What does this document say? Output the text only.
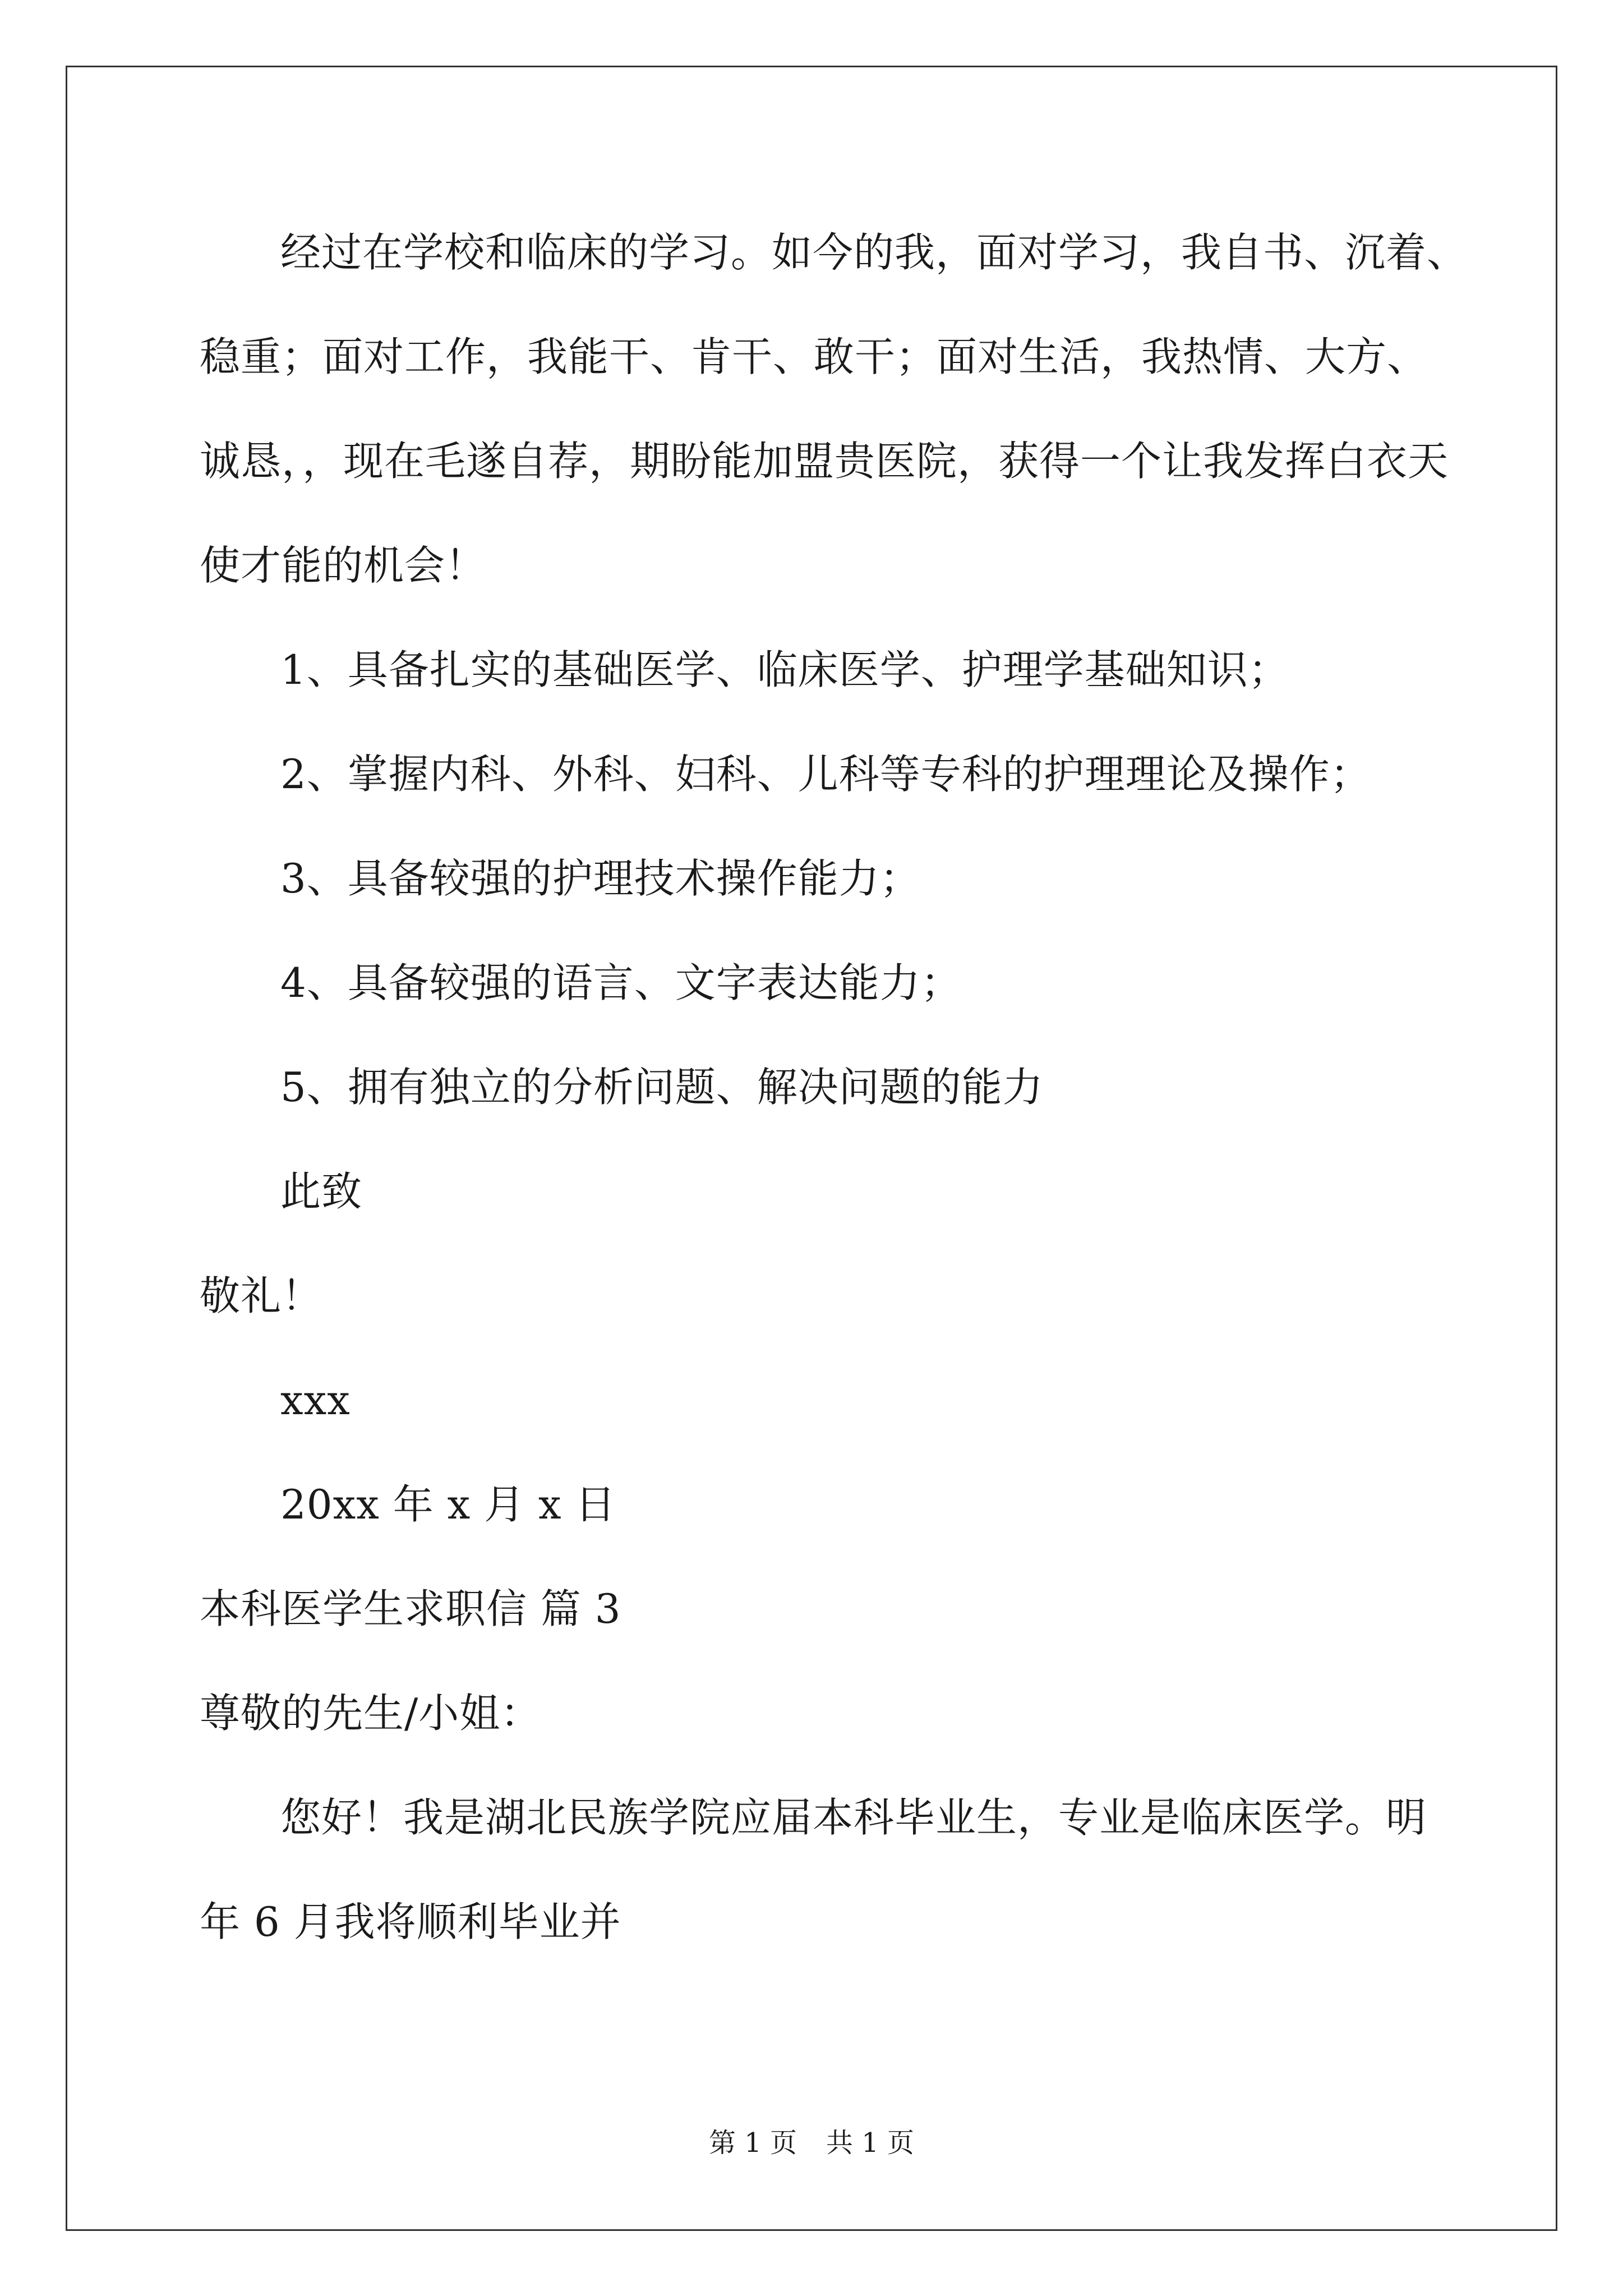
经过在学校和临床的学习。如今的我，面对学习，我自书、沉着、
稳重；面对工作，我能干、肯干、敢干；面对生活，我热情、大方、
诚恳，，现在毛遂自荐，期盼能加盟贵医院，获得一个让我发挥白衣天
使才能的机会！
1、具备扎实的基础医学、临床医学、护理学基础知识；
2、掌握内科、外科、妇科、儿科等专科的护理理论及操作；
3、具备较强的护理技术操作能力；
4、具备较强的语言、文字表达能力；
5、拥有独立的分析问题、解决问题的能力
此致
敬礼！
xxx
20xx 年 x 月 x 日
本科医学生求职信 篇 3
尊敬的先生/小姐：
您好！我是湖北民族学院应届本科毕业生，专业是临床医学。明
年 6 月我将顺利毕业并
第 1 页 共 1 页
